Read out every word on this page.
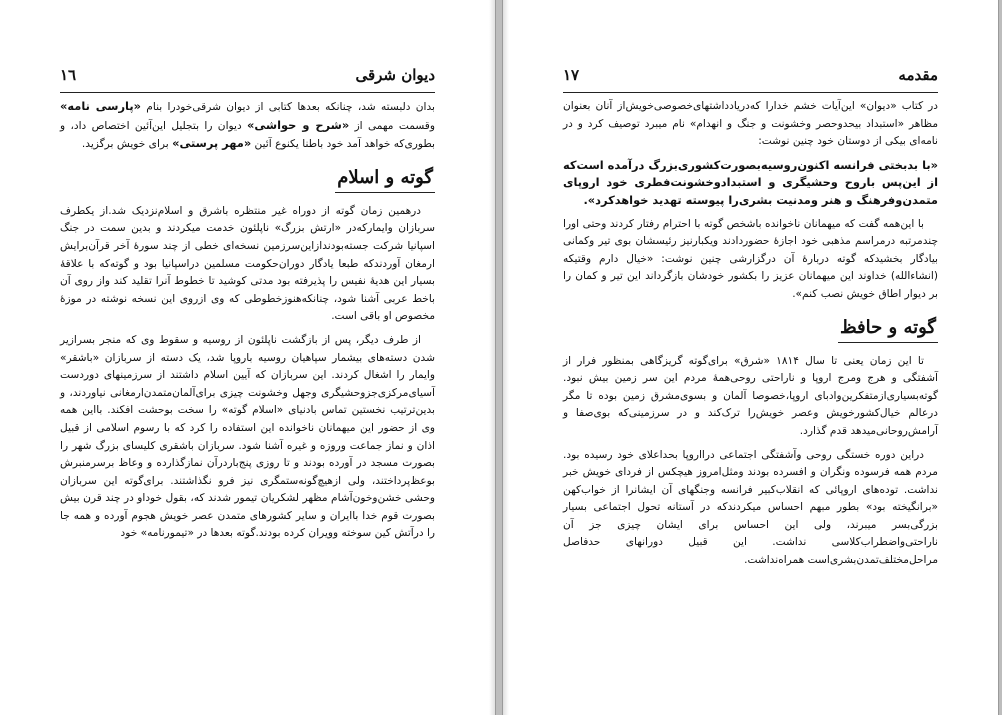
دیوان شرقی
۱٦

بدان دلبسته شد، چنانکه بعدها کتابی از دیوان شرقی‌خودرا بنام «پارسی نامه» وقسمت مهمی از «شرح و حواشی» دیوان را بتجلیل این‌آئین اختصاص داد، و بطوری‌که خواهد آمد خود باطنا یکنوع آئین «مهر پرستی» برای خویش برگزید.

گوته و اسلام

درهمین زمان گوته از دوراه غیر منتظره باشرق و اسلام‌نزدیک شد.از یکطرف سربازان وایمارکه‌در «ارتش بزرگ» ناپلئون خدمت میکردند و بدین سمت در جنگ اسپانیا شرکت جسته‌بودند‌ازاین‌سرزمین نسخه‌ای خطی از چند سورهٔ آخر قرآن‌برایش ارمغان آوردند‌که طبعا یادگار دوران‌حکومت مسلمین دراسپانیا بود و گوته‌که با علاقهٔ بسیار این هدیهٔ نفیس را پذیرفته بود مدتی کوشید تا خطوط آنرا تقلید کند واز روی آن باخط عربی آشنا شود، چنانکه‌هنوزخطوطی که وی ازروی این نسخه نوشته در موزهٔ مخصوص او باقی است.

از طرف دیگر، پس از بازگشت ناپلئون از روسیه و سقوط وی که منجر بسرازیر شدن دسته‌های بیشمار سپاهیان روسیه باروپا شد، یک دسته از سربازان «باشقر» وایمار را اشغال کردند. این سربازان که آیین اسلام داشتند از سرزمینهای دوردست آسیای‌مرکزی‌جزوحشیگری وجهل وخشونت چیزی برای‌آلمان‌متمدن‌ارمغانی نیاوردند، و بدین‌ترتیب نخستین تماس بادنیای «اسلام گوته» را سخت بوحشت افکند. بااین همه وی از حضور این میهمانان ناخوانده این استفاده را کرد که با رسوم اسلامی از قبیل اذان و نماز جماعت وروزه و غیره آشنا شود. سربازان باشقری کلیسای بزرگ شهر را بصورت مسجد در آورده بودند و تا روزی پنج‌بار‌در‌آن نمازگذارده و وعاظ برسرمنبرش بوعظ‌پرداختند، ولی ازهیچ‌گونه‌ستمگری نیز فرو نگذاشتند. برای‌گوته این سربازان وحشی خشن‌وخون‌آشام مظهر لشکریان تیمور شدند که، بقول خوداو در چند قرن بیش بصورت قوم خدا باایران و سایر کشورهای متمدن عصر خویش هجوم آورده و همه جا را درآتش کین سوخته وویران کرده بودند.گوته بعدها در «تیمورنامه» خود

مقدمه
۱۷

در کتاب «دیوان» این‌آیات خشم خدارا که‌دریادداشتهای‌خصوصی‌خویش‌از آنان بعنوان مظاهر «استبداد بیحدوحصر وخشونت و جنگ و انهدام» نام میبرد توصیف کرد و در نامه‌ای بیکی از دوستان خود چنین نوشت:

«با بدبختی فرانسه اکنون‌روسیه‌بصورت‌کشوری‌بزرگ در‌آمده است‌که از این‌پس باروح وحشیگری و استبدادوخشونت‌فطری خود اروپای متمدن‌وفرهنگ و هنر ومدنیت بشری‌را پیوسته تهدید خواهد‌کرد».

با این‌همه گفت که میهمانان ناخوانده باشخص گوته‌ با احترام رفتار کردند وحتی اورا چندمرتبه درمراسم مذهبی خود اجازهٔ حضوردادند ویکبار‌نیز رئیسشان بوی تیر وکمانی بیادگار بخشید‌که گوته دربارهٔ آن درگزارشی چنین نوشت: «خیال دارم وقتیکه (انشاءالله) خداوند این میهمانان عزیز را بکشور خودشان بازگرداند این تیر و کمان را بر دیوار اطاق خویش نصب کنم».

گوته و حافظ

تا این زمان یعنی تا سال ۱۸۱۴ «شرق» برای‌گوته گریزگاهی بمنظور فرار از آشفتگی و هرج ومرج اروپا و ناراحتی روحی‌همهٔ مردم این سر زمین بیش نبود. گوته‌بسیاری‌ازمتفکرین‌و‌ادبای اروپا،‌خصوصا آلمان و بسوی‌مشرق زمین بوده تا مگر درعالم خیال‌کشور‌خویش وعصر خویش‌را ترک‌کند و در سرزمینی‌که بوی‌صفا و آرامش‌روحانی‌میدهد قدم گذارد.

دراین دوره خستگی روحی وآشفتگی اجتماعی درااروپا بحداعلای خود رسیده بود. مردم همه فرسوده ونگران و افسرده بودند ومثل‌امروز هیچکس از فردای خویش خبر نداشت. توده‌های اروپائی که انقلاب‌کبیر فرانسه وجنگهای آن ایشانرا از خواب‌کهن «برانگیخته بود» بطور مبهم احساس میکردند‌که در آستانه تحول اجتماعی بسیار بزرگی‌بسر میبرند، ولی این احساس برای ایشان چیزی جز آن ناراحتی‌واضطراب‌کلاسی نداشت. این قبیل دورانهای حدفاصل مراحل‌مختلف‌تمدن‌بشری‌است همراه‌نداشت.
